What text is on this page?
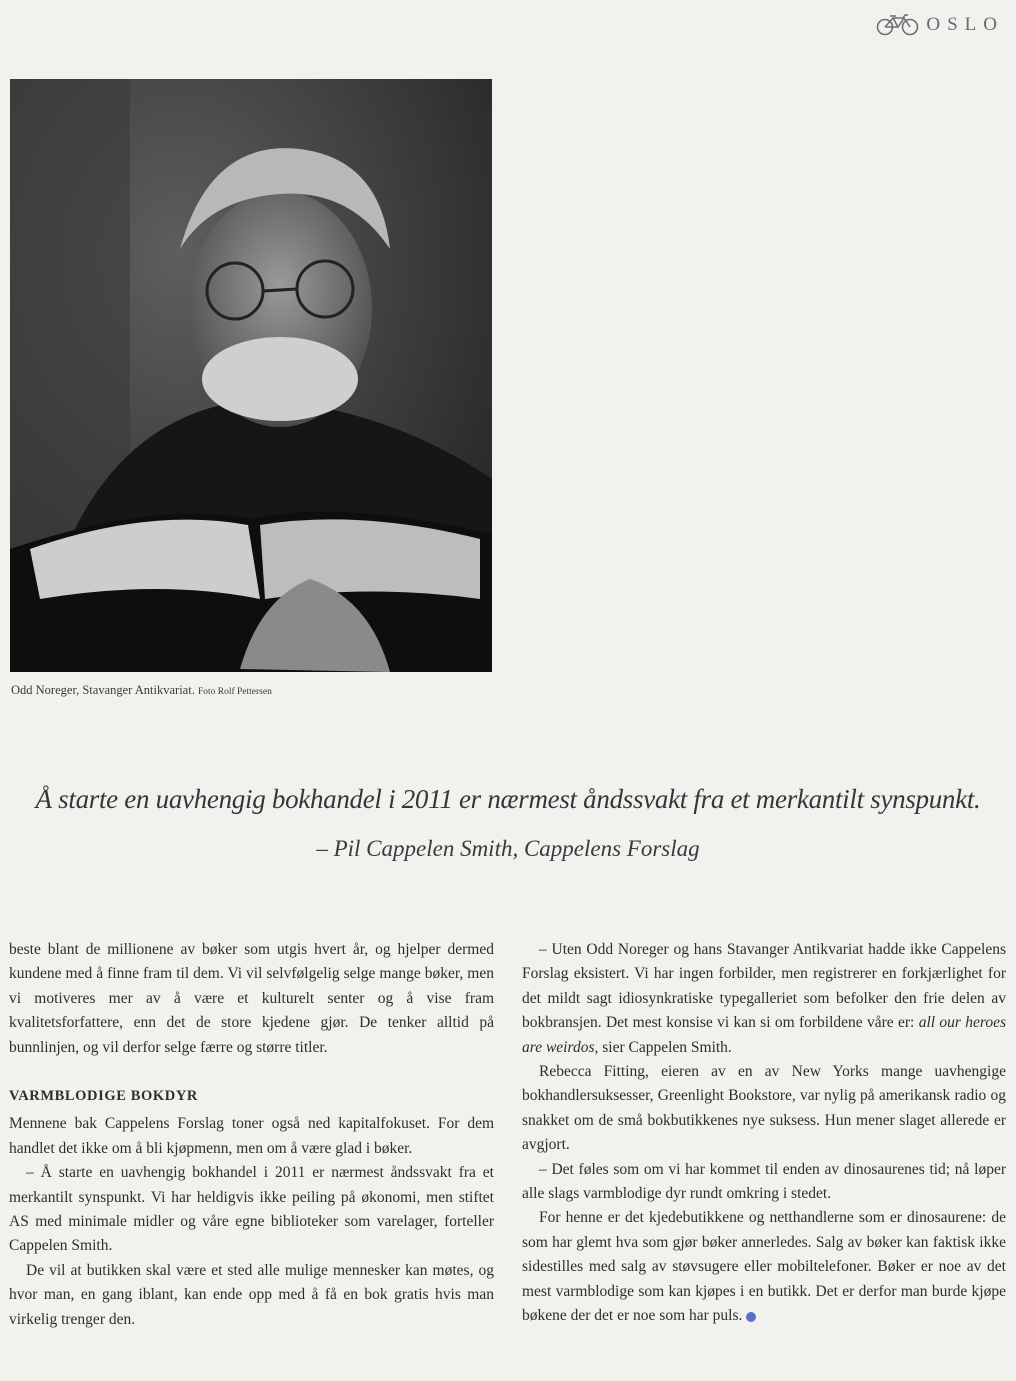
OSLO
Odd Noreger, Stavanger Antikvariat. Foto Rolf Pettersen
Å starte en uavhengig bokhandel i 2011 er nærmest åndssvakt fra et merkantilt synspunkt.
– Pil Cappelen Smith, Cappelens Forslag

beste blant de millionene av bøker som utgis hvert år, og hjelper dermed kundene med å finne fram til dem. Vi vil selvfølgelig selge mange bøker, men vi motiveres mer av å være et kulturelt senter og å vise fram kvalitetsforfattere, enn det de store kjedene gjør. De tenker alltid på bunnlinjen, og vil derfor selge færre og større titler.

VARMBLODIGE BOKDYR

Mennene bak Cappelens Forslag toner også ned kapitalfokuset. For dem handlet det ikke om å bli kjøpmenn, men om å være glad i bøker.

– Å starte en uavhengig bokhandel i 2011 er nærmest åndssvakt fra et merkantilt synspunkt. Vi har heldigvis ikke peiling på økonomi, men stiftet AS med minimale midler og våre egne biblioteker som varelager, forteller Cappelen Smith.

De vil at butikken skal være et sted alle mulige mennesker kan møtes, og hvor man, en gang iblant, kan ende opp med å få en bok gratis hvis man virkelig trenger den.

– Uten Odd Noreger og hans Stavanger Antikvariat hadde ikke Cappelens Forslag eksistert. Vi har ingen forbilder, men registrerer en forkjærlighet for det mildt sagt idiosynkratiske typegalleriet som befolker den frie delen av bokbransjen. Det mest konsise vi kan si om forbildene våre er: all our heroes are weirdos, sier Cappelen Smith.

Rebecca Fitting, eieren av en av New Yorks mange uavhengige bokhandlersuksesser, Greenlight Bookstore, var nylig på amerikansk radio og snakket om de små bokbutikkenes nye suksess. Hun mener slaget allerede er avgjort.

– Det føles som om vi har kommet til enden av dinosaurenes tid; nå løper alle slags varmblodige dyr rundt omkring i stedet.

For henne er det kjedebutikkene og netthandlerne som er dinosaurene: de som har glemt hva som gjør bøker annerledes. Salg av bøker kan faktisk ikke sidestilles med salg av støvsugere eller mobiltelefoner. Bøker er noe av det mest varmblodige som kan kjøpes i en butikk. Det er derfor man burde kjøpe bøkene der det er noe som har puls.
